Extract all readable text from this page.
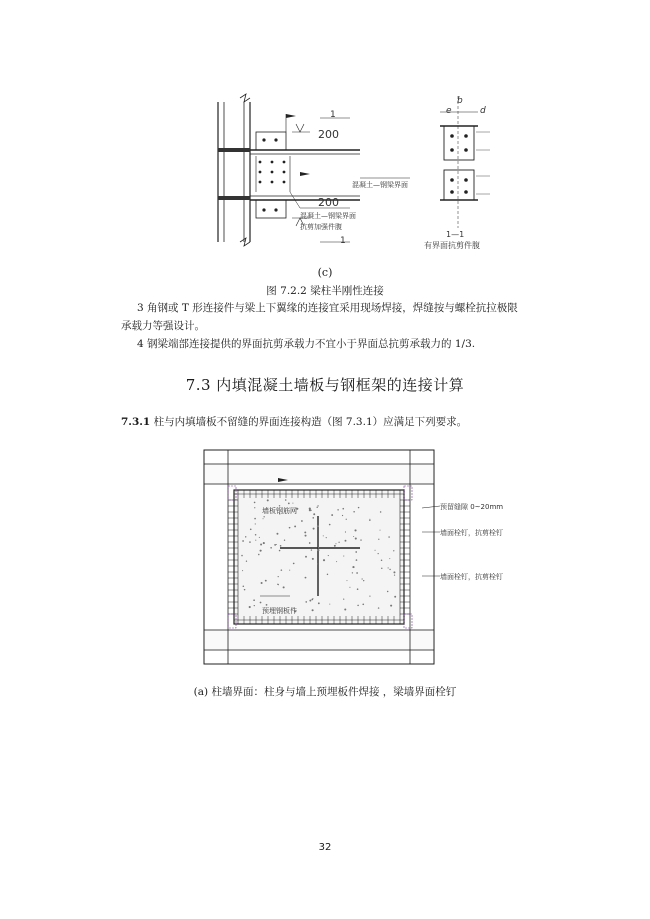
200
200
1
1
混凝土—钢梁界面
混凝土—钢梁界面
抗剪加强件腹
1—1
有界面抗剪件腹
b
e	d
(c)
图 7.2.2 梁柱半刚性连接
3 角钢或 T 形连接件与梁上下翼缘的连接宜采用现场焊接，焊缝按与螺栓抗拉极限
承载力等强设计。
4 钢梁端部连接提供的界面抗剪承载力不宜小于界面总抗剪承载力的 1/3.
7.3 内填混凝土墙板与钢框架的连接计算
7.3.1 柱与内填墙板不留缝的界面连接构造（图 7.3.1）应满足下列要求。
预留缝隙 0~20mm
墙面栓钉，抗剪栓钉
墙面栓钉，抗剪栓钉
墙板钢筋网
预埋钢板件
(a) 柱墙界面：柱身与墙上预埋板件焊接 ，梁墙界面栓钉
32
